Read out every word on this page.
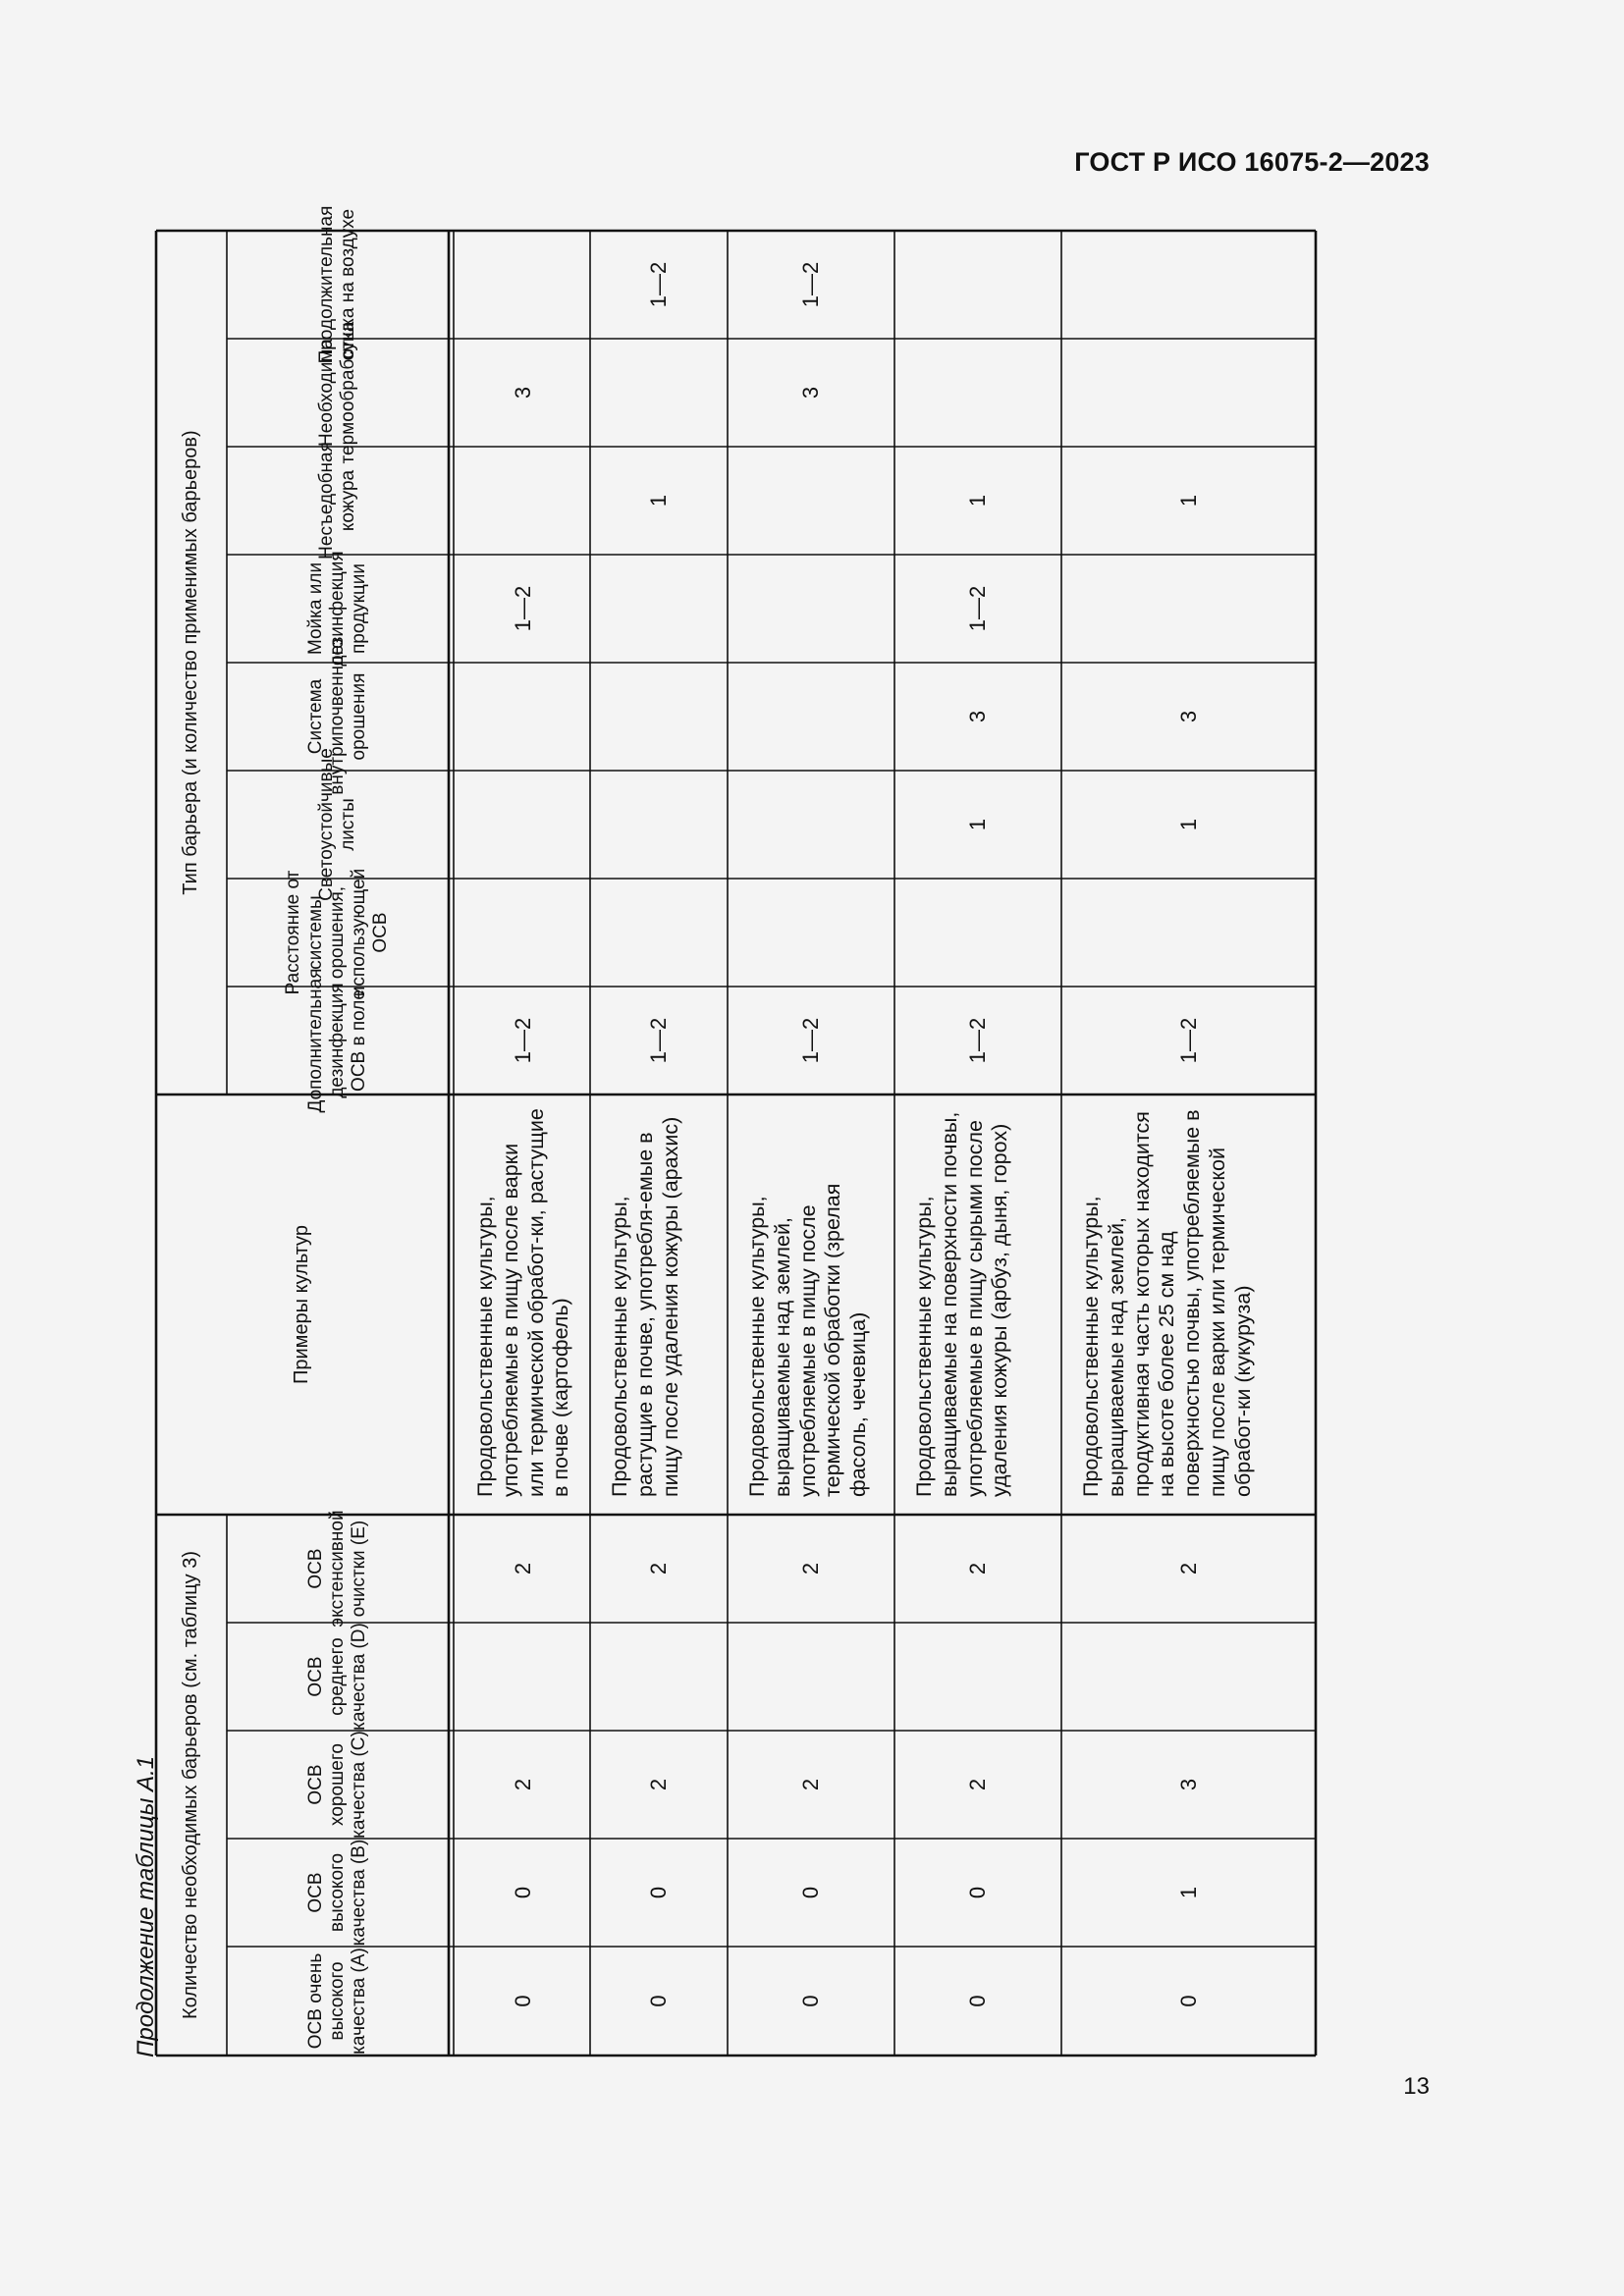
ГОСТ Р ИСО 16075-2—2023
Продолжение таблицы А.1
13
Тип барьера (и количество применимых барьеров)
Количество необходимых барьеров (см. таблицу 3)
Примеры культур
Дополнительная дезинфекция ОСВ в поле
Расстояние от системы орошения, использующей ОСВ
Светоустойчивые листы
Система внутрипочвенного орошения
Мойка или дезинфекция продукции
Несъедобная кожура
Необходима термообработка
Продолжительная сушка на воздухе
ОСВ очень высокого качества (А)
ОСВ высокого качества (В)
ОСВ хорошего качества (С)
ОСВ среднего качества (D)
ОСВ экстенсивной очистки (Е)
1—2
1—2
3
Продовольственные культуры, употребляемые в пищу после варки или термической обработ-ки, растущие в почве (картофель)
0
0
2
2
1—2
1
1—2
Продовольственные культуры, растущие в почве, употребля-емые в пищу после удаления кожуры (арахис)
0
0
2
2
1—2
3
1—2
Продовольственные культуры, выращиваемые над землей, употребляемые в пищу после термической обработки (зрелая фасоль, чечевица)
0
0
2
2
1—2
1
3
1—2
1
Продовольственные культуры, выращиваемые на поверхности почвы, употребляемые в пищу сырыми после удаления кожуры (арбуз, дыня, горох)
0
0
2
2
1—2
1
3
1
Продовольственные культуры, выращиваемые над землей, продуктивная часть которых находится на высоте более 25 см над поверхностью почвы, употребляемые в пищу после варки или термической обработ-ки (кукуруза)
0
1
3
2
